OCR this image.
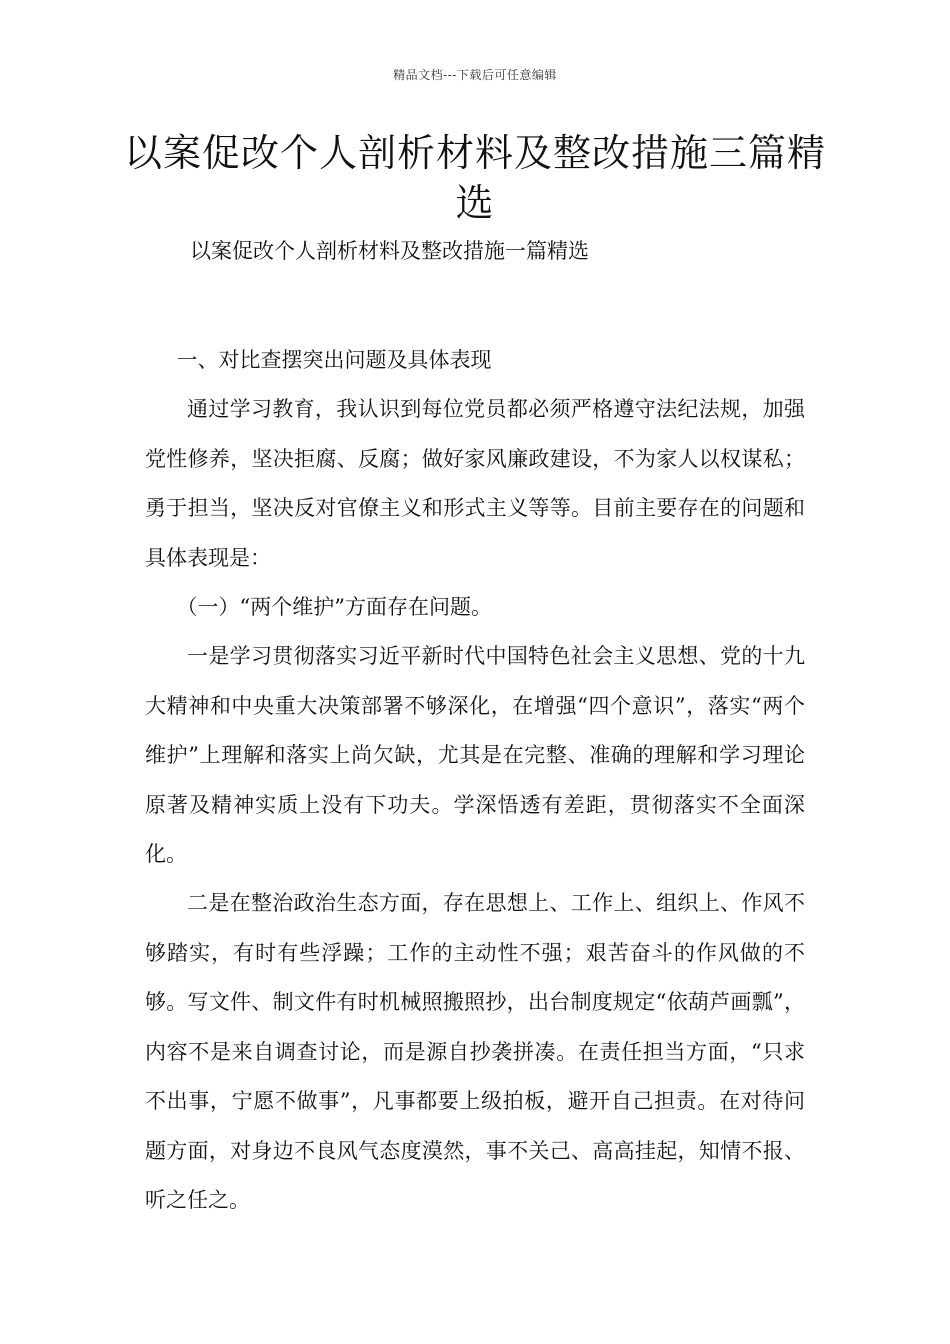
精品文档---下载后可任意编辑
以案促改个人剖析材料及整改措施三篇精选

以案促改个人剖析材料及整改措施一篇精选

一、对比查摆突出问题及具体表现

通过学习教育，我认识到每位党员都必须严格遵守法纪法规，加强党性修养，坚决拒腐、反腐；做好家风廉政建设，不为家人以权谋私；勇于担当，坚决反对官僚主义和形式主义等等。目前主要存在的问题和具体表现是：

（一）“两个维护”方面存在问题。

一是学习贯彻落实习近平新时代中国特色社会主义思想、党的十九大精神和中央重大决策部署不够深化，在增强“四个意识”，落实“两个维护”上理解和落实上尚欠缺，尤其是在完整、准确的理解和学习理论原著及精神实质上没有下功夫。学深悟透有差距，贯彻落实不全面深化。

二是在整治政治生态方面，存在思想上、工作上、组织上、作风不够踏实，有时有些浮躁；工作的主动性不强；艰苦奋斗的作风做的不够。写文件、制文件有时机械照搬照抄，出台制度规定“依葫芦画瓢”，内容不是来自调查讨论，而是源自抄袭拼凑。在责任担当方面，“只求不出事，宁愿不做事”，凡事都要上级拍板，避开自己担责。在对待问题方面，对身边不良风气态度漠然，事不关己、高高挂起，知情不报、听之任之。
